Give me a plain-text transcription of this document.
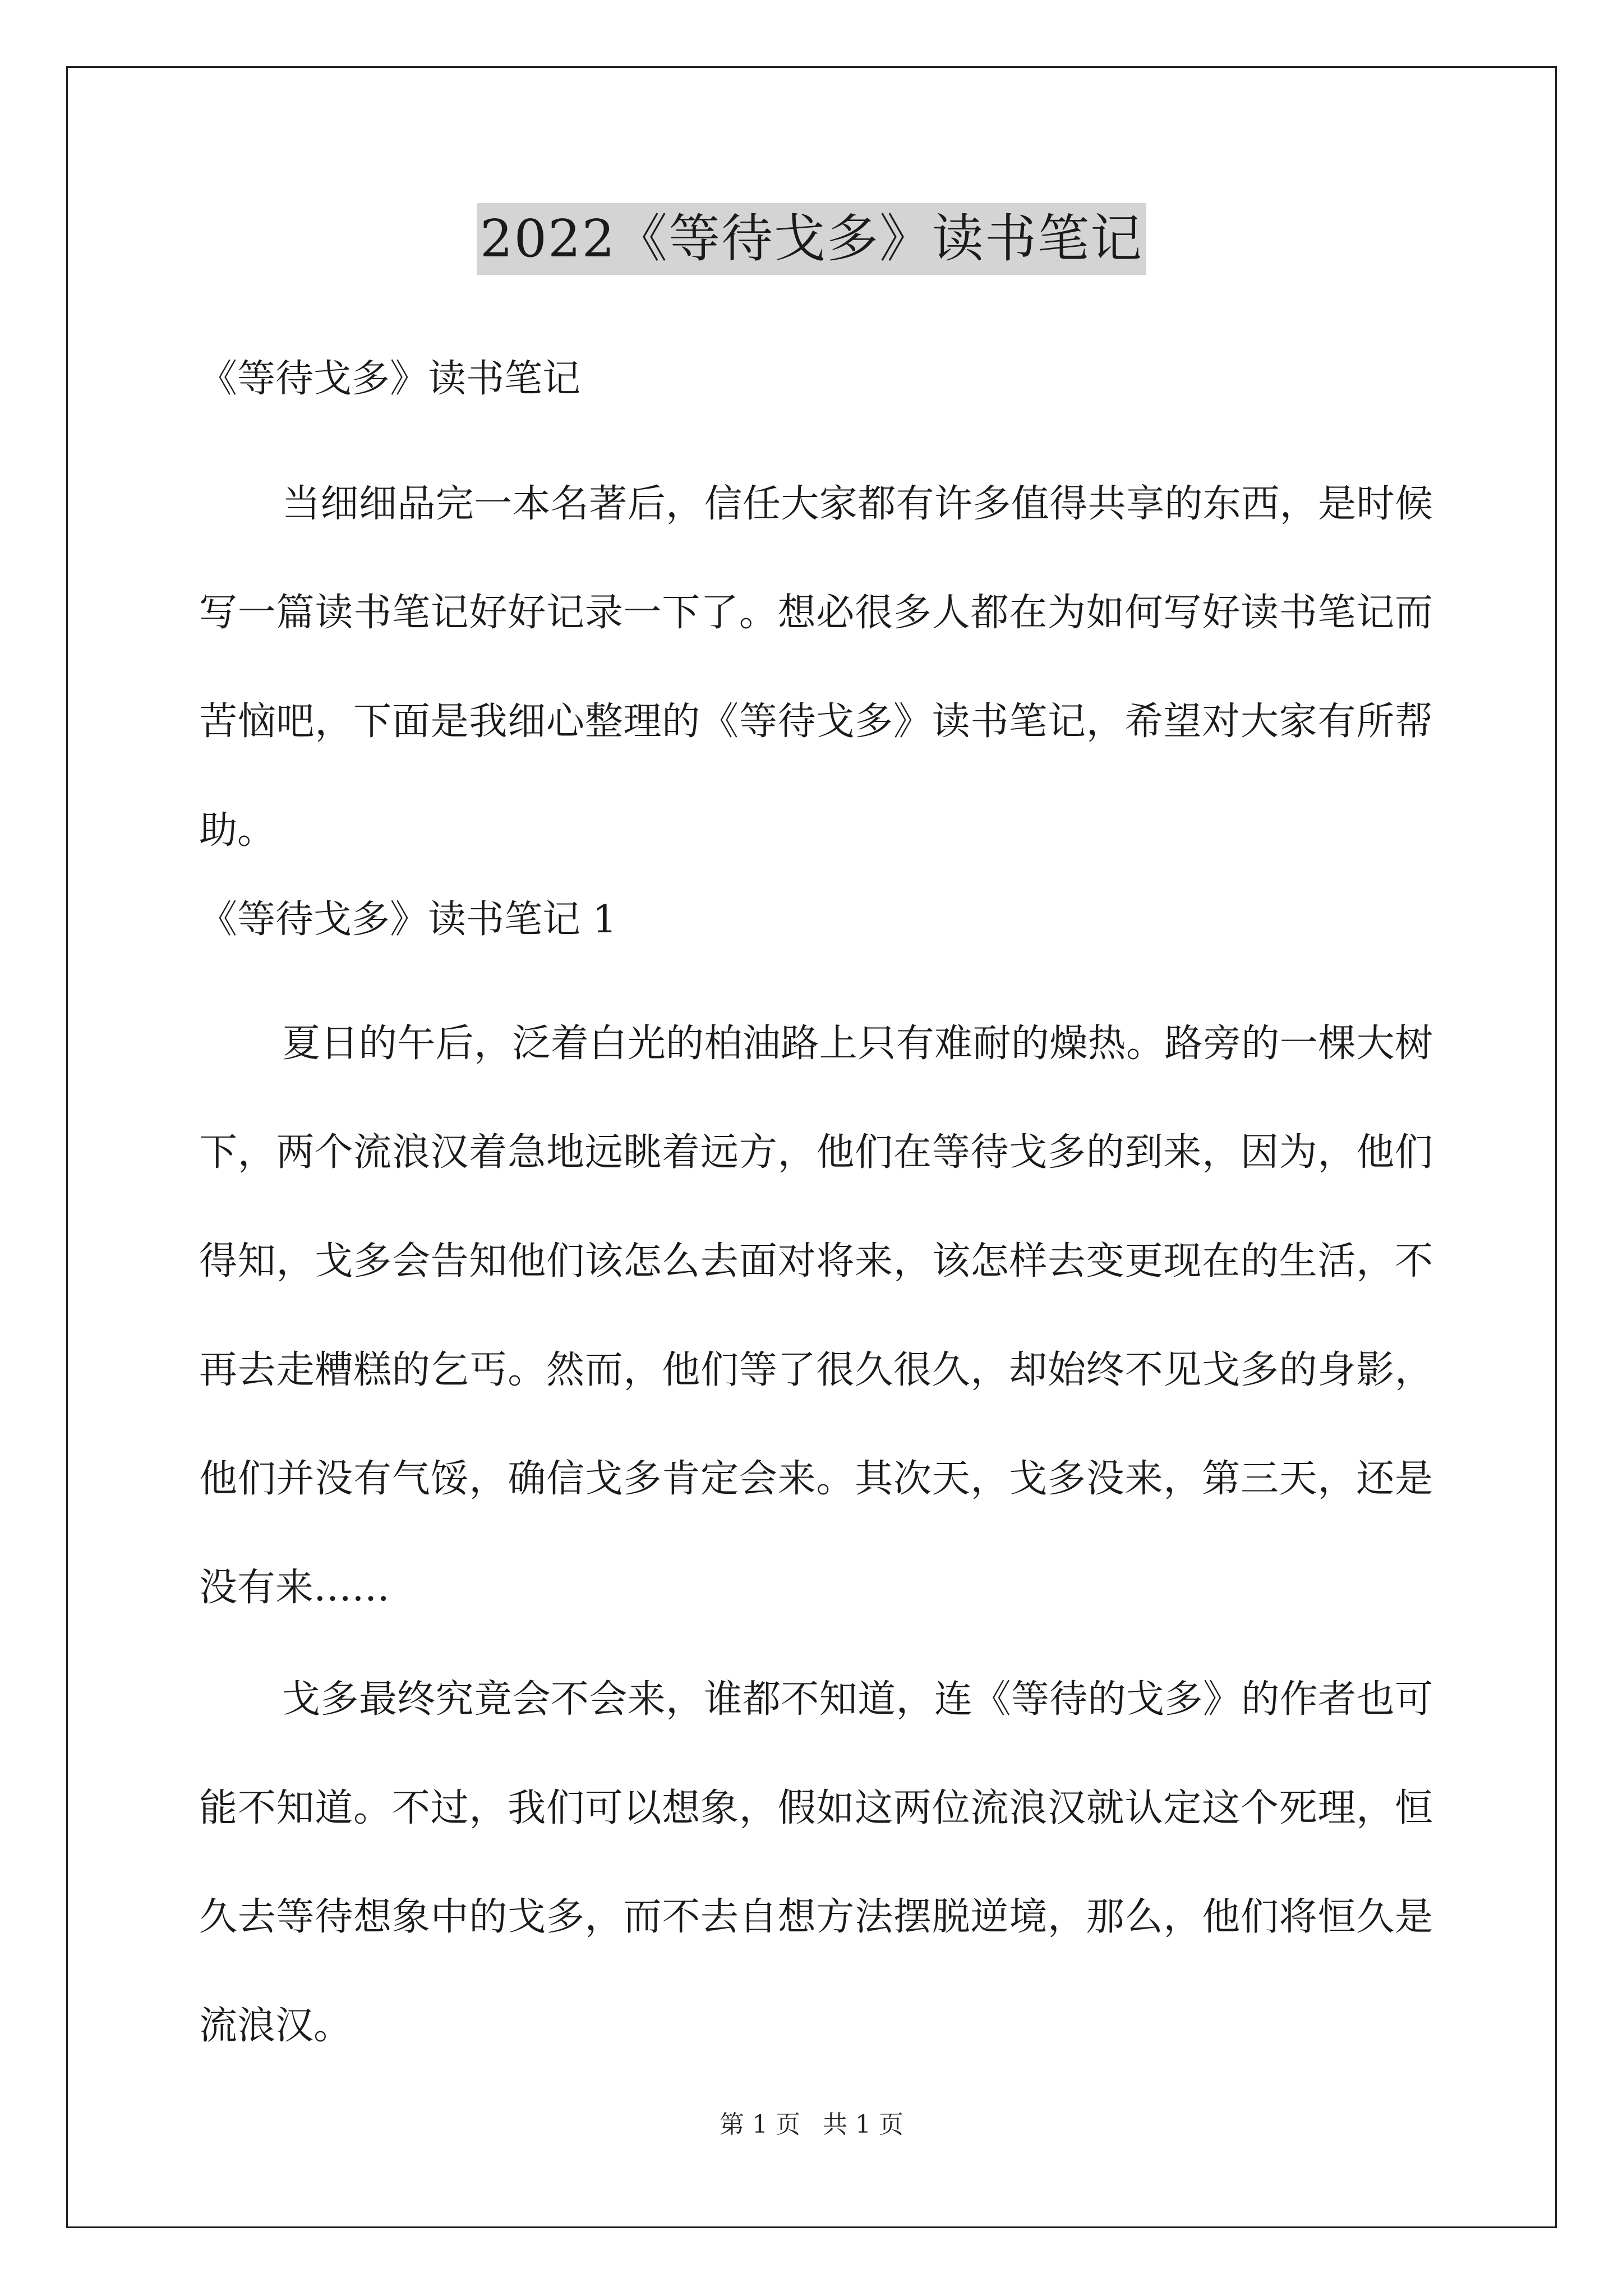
2022《等待戈多》读书笔记
《等待戈多》读书笔记

当细细品完一本名著后，信任大家都有许多值得共享的东西，是时候写一篇读书笔记好好记录一下了。想必很多人都在为如何写好读书笔记而苦恼吧，下面是我细心整理的《等待戈多》读书笔记，希望对大家有所帮助。

《等待戈多》读书笔记 1

夏日的午后，泛着白光的柏油路上只有难耐的燥热。路旁的一棵大树下，两个流浪汉着急地远眺着远方，他们在等待戈多的到来，因为，他们得知，戈多会告知他们该怎么去面对将来，该怎样去变更现在的生活，不再去走糟糕的乞丐。然而，他们等了很久很久，却始终不见戈多的身影，他们并没有气馁，确信戈多肯定会来。其次天，戈多没来，第三天，还是没有来……

戈多最终究竟会不会来，谁都不知道，连《等待的戈多》的作者也可能不知道。不过，我们可以想象，假如这两位流浪汉就认定这个死理，恒久去等待想象中的戈多，而不去自想方法摆脱逆境，那么，他们将恒久是流浪汉。

第 1 页 共 1 页
